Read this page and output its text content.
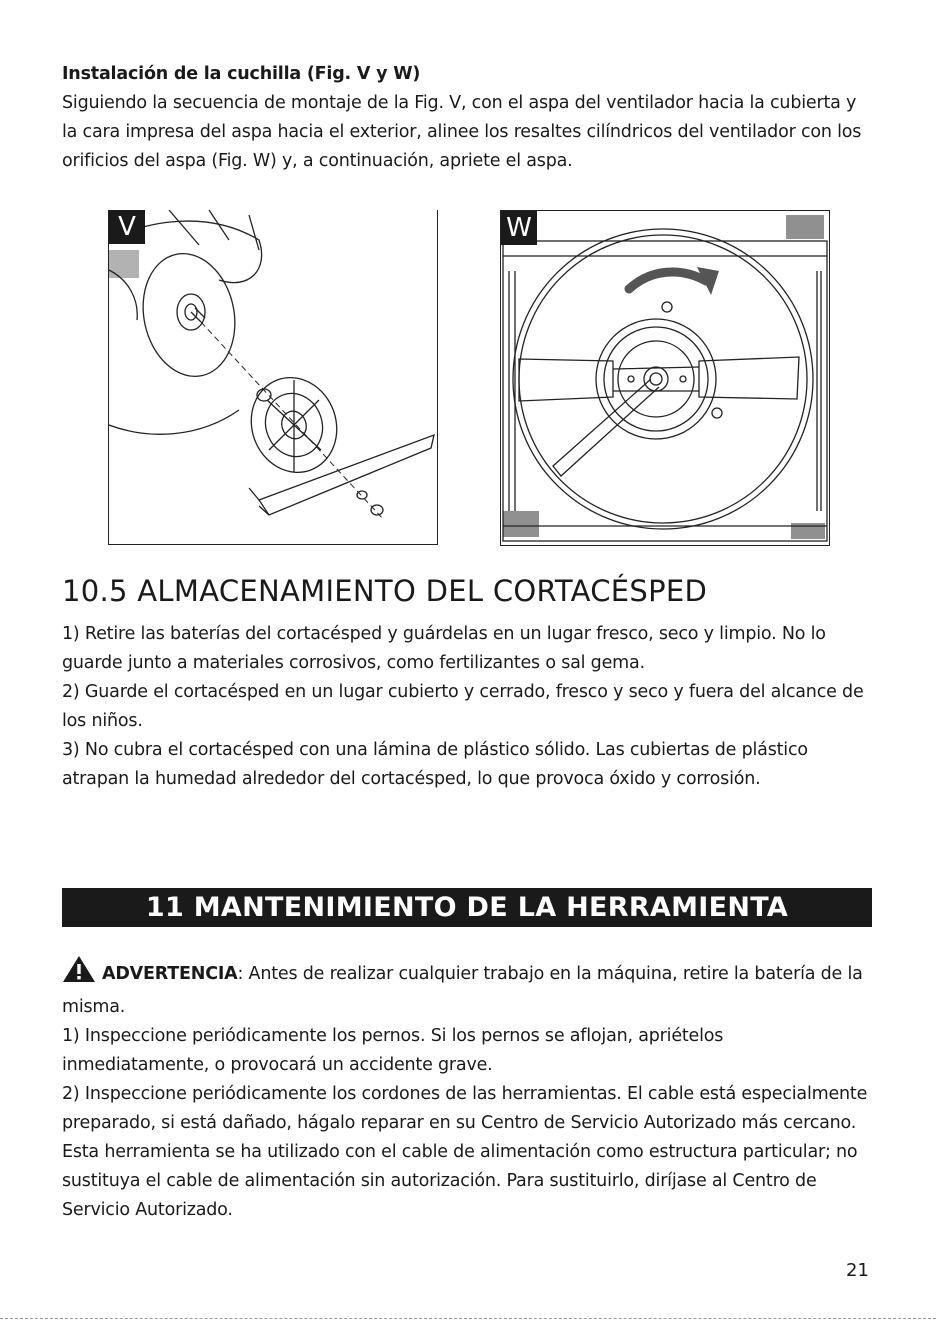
Instalación de la cuchilla (Fig. V y W)

Siguiendo la secuencia de montaje de la Fig. V, con el aspa del ventilador hacia la cubierta y la cara impresa del aspa hacia el exterior, alinee los resaltes cilíndricos del ventilador con los orificios del aspa (Fig. W) y, a continuación, apriete el aspa.

V	W
10.5 ALMACENAMIENTO DEL CORTACÉSPED

1) Retire las baterías del cortacésped y guárdelas en un lugar fresco, seco y limpio. No lo guarde junto a materiales corrosivos, como fertilizantes o sal gema.

2) Guarde el cortacésped en un lugar cubierto y cerrado, fresco y seco y fuera del alcance de los niños.

3) No cubra el cortacésped con una lámina de plástico sólido. Las cubiertas de plástico atrapan la humedad alrededor del cortacésped, lo que provoca óxido y corrosión.

11 MANTENIMIENTO DE LA HERRAMIENTA

ADVERTENCIA: Antes de realizar cualquier trabajo en la máquina, retire la batería de la misma.

1) Inspeccione periódicamente los pernos. Si los pernos se aflojan, apriételos inmediatamente, o provocará un accidente grave.

2) Inspeccione periódicamente los cordones de las herramientas. El cable está especialmente preparado, si está dañado, hágalo reparar en su Centro de Servicio Autorizado más cercano. Esta herramienta se ha utilizado con el cable de alimentación como estructura particular; no sustituya el cable de alimentación sin autorización. Para sustituirlo, diríjase al Centro de Servicio Autorizado.

21
